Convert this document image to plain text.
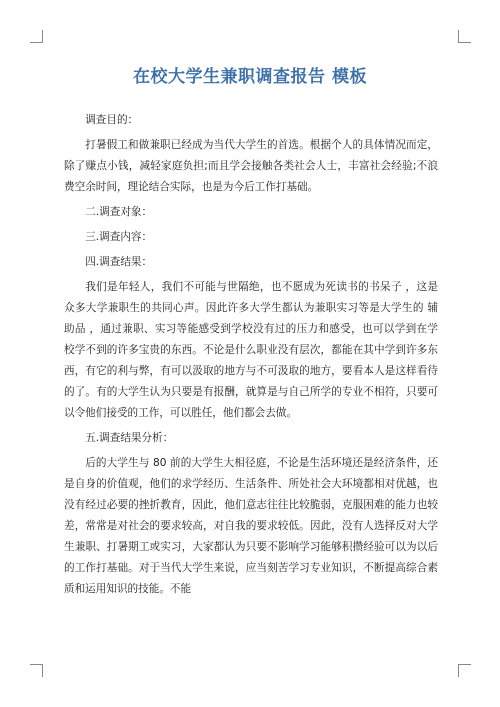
在校大学生兼职调查报告 模板

调查目的：

打暑假工和做兼职已经成为当代大学生的首选。根据个人的具体情况而定，除了赚点小钱，减轻家庭负担;而且学会接触各类社会人士，丰富社会经验;不浪费空余时间，理论结合实际，也是为今后工作打基础。

二.调查对象：

三.调查内容：

四.调查结果：

我们是年轻人，我们不可能与世隔绝，也不愿成为死读书的书呆子 ，这是众多大学兼职生的共同心声。因此许多大学生都认为兼职实习等是大学生的 辅助品 ，通过兼职、实习等能感受到学校没有过的压力和感受，也可以学到在学校学不到的许多宝贵的东西。不论是什么职业没有层次，都能在其中学到许多东西，有它的利与弊，有可以汲取的地方与不可汲取的地方，要看本人是这样看待的了。有的大学生认为只要是有报酬，就算是与自己所学的专业不相符，只要可以令他们接受的工作，可以胜任，他们都会去做。

五.调查结果分析：

后的大学生与 80 前的大学生大相径庭，不论是生活环境还是经济条件，还是自身的价值观，他们的求学经历、生活条件、所处社会大环境都相对优越，也没有经过必要的挫折教育，因此，他们意志往往比较脆弱，克服困难的能力也较差，常常是对社会的要求较高，对自我的要求较低。因此，没有人选择反对大学生兼职、打暑期工或实习，大家都认为只要不影响学习能够积攒经验可以为以后的工作打基础。对于当代大学生来说，应当刻苦学习专业知识，不断提高综合素质和运用知识的技能。不能
